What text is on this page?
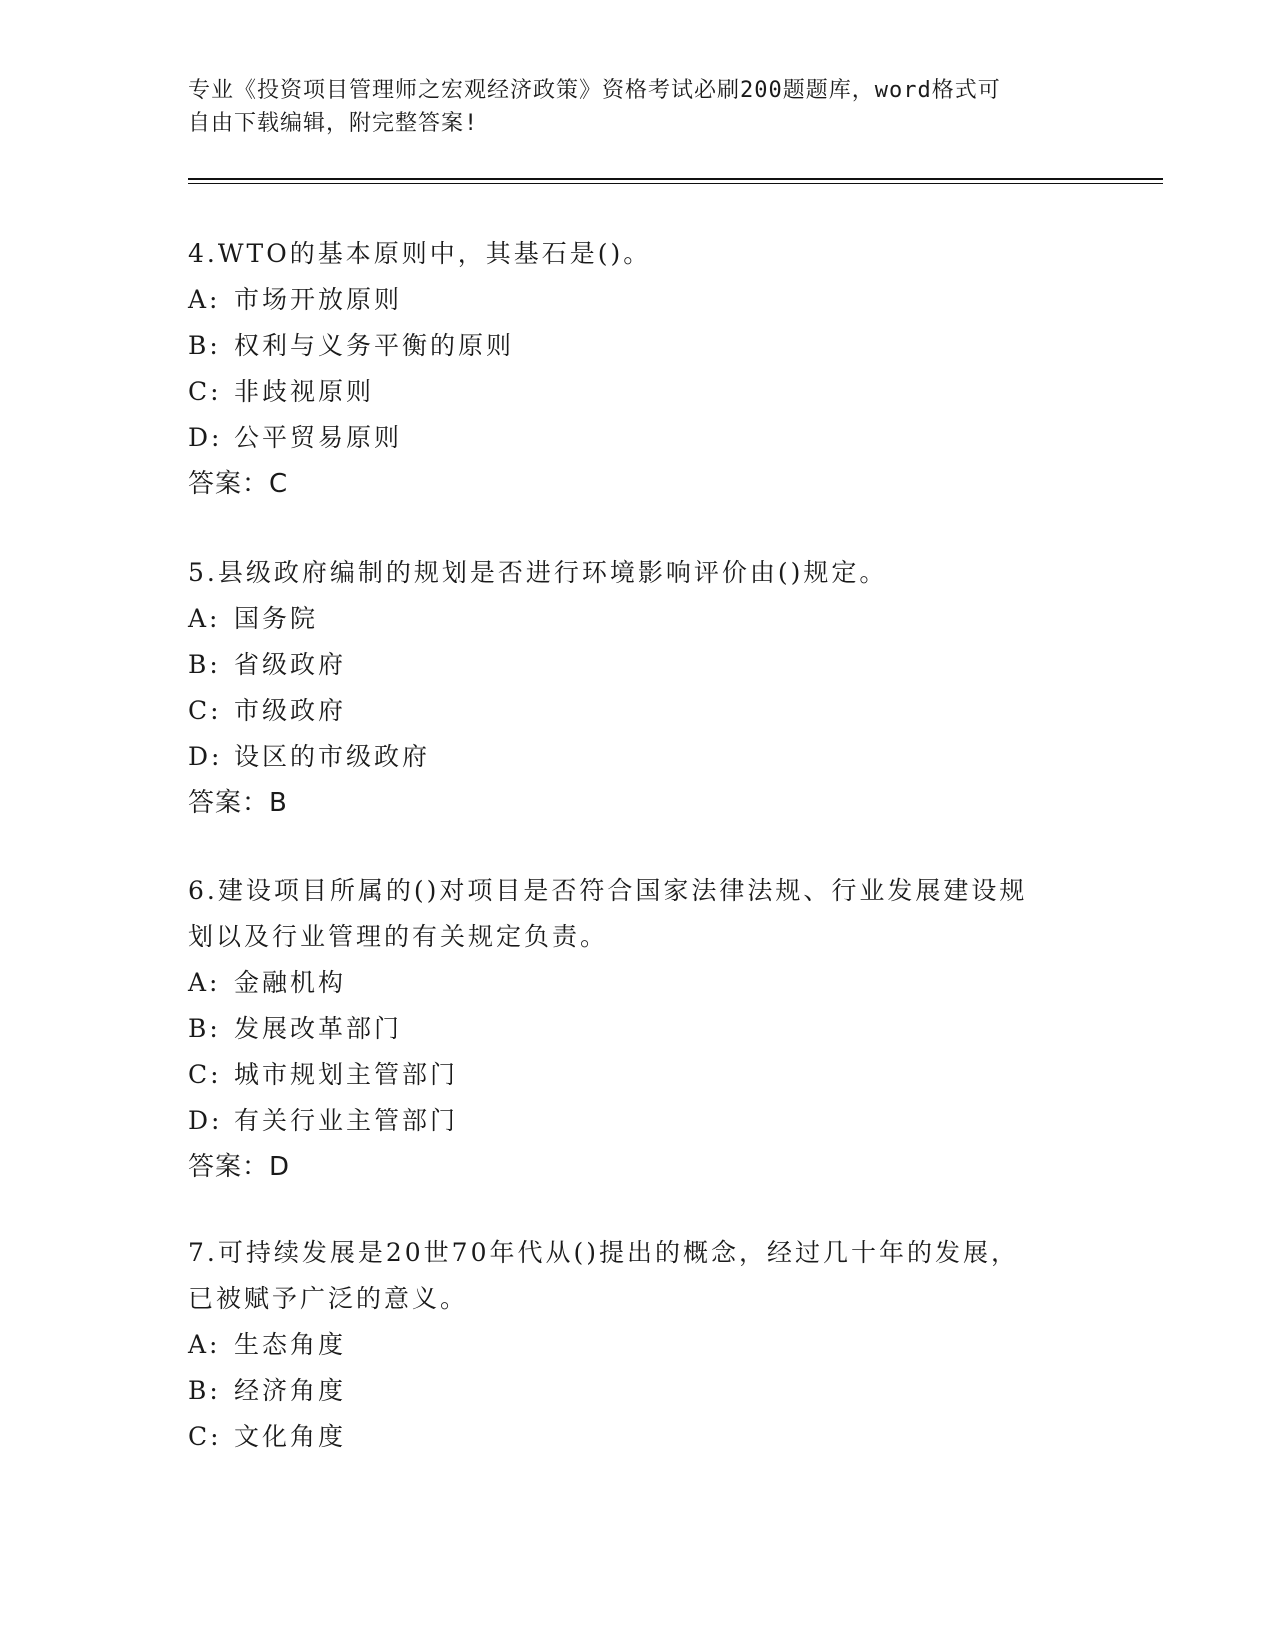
专业《投资项目管理师之宏观经济政策》资格考试必刷200题题库，word格式可
自由下载编辑，附完整答案!
4.WTO的基本原则中，其基石是()。
A: 市场开放原则
B: 权利与义务平衡的原则
C: 非歧视原则
D: 公平贸易原则
答案：C
5.县级政府编制的规划是否进行环境影响评价由()规定。
A: 国务院
B: 省级政府
C: 市级政府
D: 设区的市级政府
答案：B
6.建设项目所属的()对项目是否符合国家法律法规、行业发展建设规
划以及行业管理的有关规定负责。
A: 金融机构
B: 发展改革部门
C: 城市规划主管部门
D: 有关行业主管部门
答案：D
7.可持续发展是20世70年代从()提出的概念，经过几十年的发展，
已被赋予广泛的意义。
A: 生态角度
B: 经济角度
C: 文化角度
